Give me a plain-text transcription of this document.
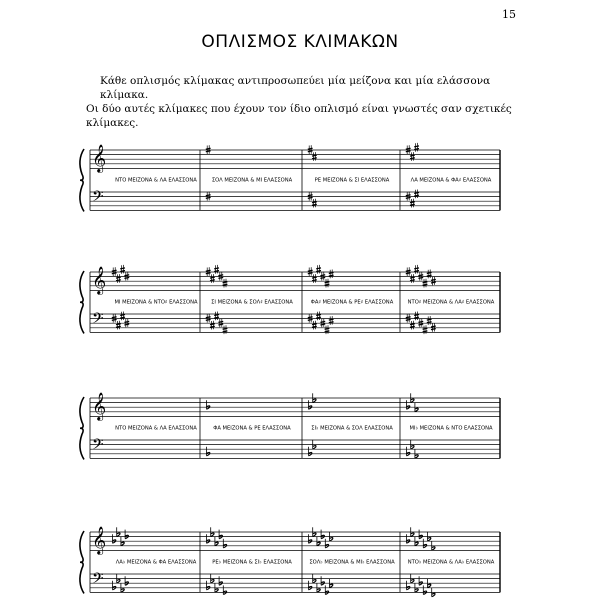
15
ΟΠΛΙΣΜΟΣ ΚΛΙΜΑΚΩΝ
Κάθε οπλισμός κλίμακας αντιπροσωπεύει μία μείζονα και μία ελάσσονα κλίμακα.
Οι δύο αυτές κλίμακες που έχουν τον ίδιο οπλισμό είναι γνωστές σαν σχετικές
κλίμακες.
𝄞
𝄢
ΝΤΟ ΜΕΙΖΟΝΑ & ΛΑ ΕΛΑΣΣΟΝΑ	ΣΟΛ ΜΕΙΖΟΝΑ & ΜΙ ΕΛΑΣΣΟΝΑ	ΡΕ ΜΕΙΖΟΝΑ & ΣΙ ΕΛΑΣΣΟΝΑ	ΛΑ ΜΕΙΖΟΝΑ & ΦΑ♯ ΕΛΑΣΣΟΝΑ
𝄞
𝄢
ΜΙ ΜΕΙΖΟΝΑ & ΝΤΟ♯ ΕΛΑΣΣΟΝΑ	ΣΙ ΜΕΙΖΟΝΑ & ΣΟΛ♯ ΕΛΑΣΣΟΝΑ	ΦΑ♯ ΜΕΙΖΟΝΑ & ΡΕ♯ ΕΛΑΣΣΟΝΑ	ΝΤΟ♯ ΜΕΙΖΟΝΑ & ΛΑ♯ ΕΛΑΣΣΟΝΑ
𝄞
𝄢
ΝΤΟ ΜΕΙΖΟΝΑ & ΛΑ ΕΛΑΣΣΟΝΑ	ΦΑ ΜΕΙΖΟΝΑ & ΡΕ ΕΛΑΣΣΟΝΑ	ΣΙ♭ ΜΕΙΖΟΝΑ & ΣΟΛ ΕΛΑΣΣΟΝΑ	ΜΙ♭ ΜΕΙΖΟΝΑ & ΝΤΟ ΕΛΑΣΣΟΝΑ
𝄞
𝄢
ΛΑ♭ ΜΕΙΖΟΝΑ & ΦΑ ΕΛΑΣΣΟΝΑ	ΡΕ♭ ΜΕΙΖΟΝΑ & ΣΙ♭ ΕΛΑΣΣΟΝΑ	ΣΟΛ♭ ΜΕΙΖΟΝΑ & ΜΙ♭ ΕΛΑΣΣΟΝΑ	ΝΤΟ♭ ΜΕΙΖΟΝΑ & ΛΑ♭ ΕΛΑΣΣΟΝΑ
